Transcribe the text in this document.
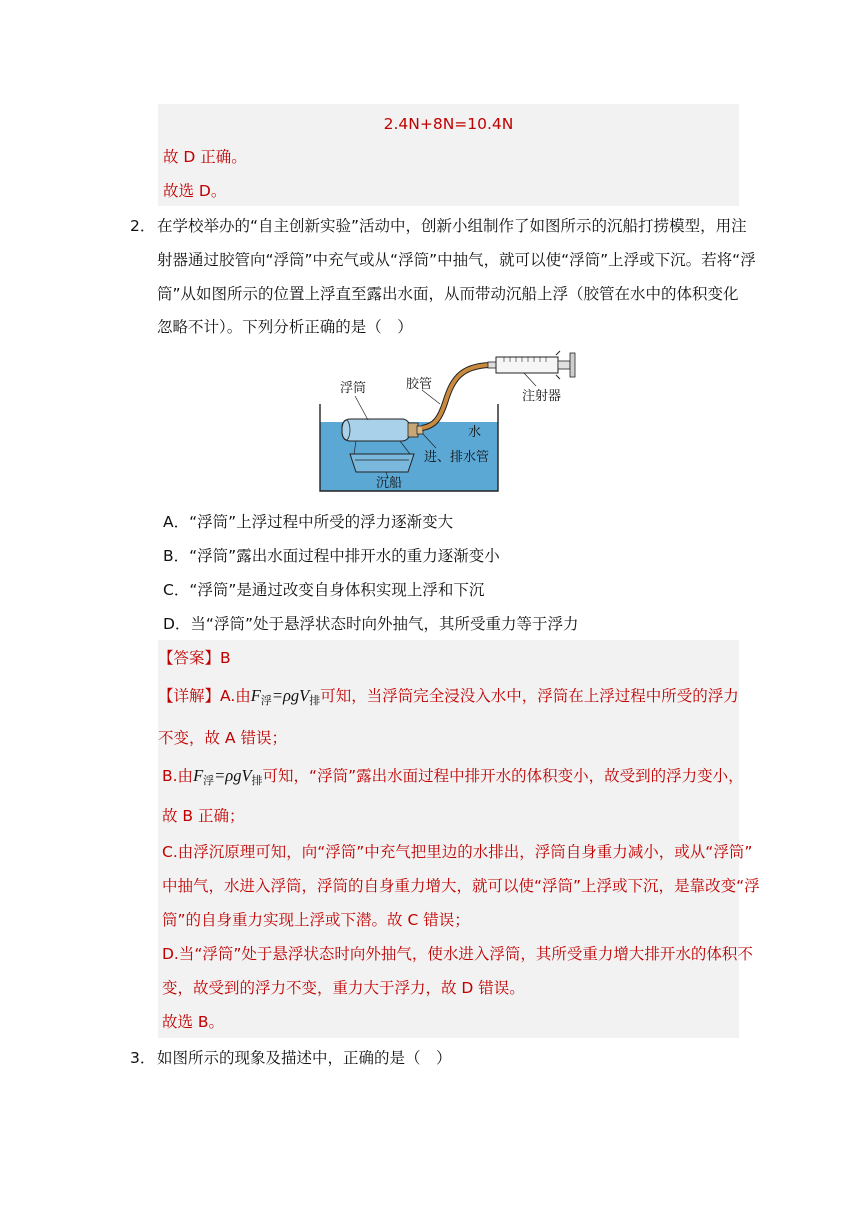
2.4N+8N=10.4N
故 D 正确。
故选 D。
2． 在学校举办的“自主创新实验”活动中，创新小组制作了如图所示的沉船打捞模型，用注
射器通过胶管向“浮筒”中充气或从“浮筒”中抽气，就可以使“浮筒”上浮或下沉。若将“浮
筒”从如图所示的位置上浮直至露出水面，从而带动沉船上浮（胶管在水中的体积变化
忽略不计）。下列分析正确的是（　）
浮筒	胶管
注射器
水
进、排水管
沉船
A．“浮筒”上浮过程中所受的浮力逐渐变大
B．“浮筒”露出水面过程中排开水的重力逐渐变小
C．“浮筒”是通过改变自身体积实现上浮和下沉
D．当“浮筒”处于悬浮状态时向外抽气，其所受重力等于浮力
【答案】B
【详解】A.由$F_浮=\rho gV_排$可知，当浮筒完全浸没入水中，浮筒在上浮过程中所受的浮力
不变，故 A 错误；
B.由$F_浮=\rho gV_排$可知，“浮筒”露出水面过程中排开水的体积变小，故受到的浮力变小，
故 B 正确；
C.由浮沉原理可知，向“浮筒”中充气把里边的水排出，浮筒自身重力减小，或从“浮筒”
中抽气，水进入浮筒，浮筒的自身重力增大，就可以使“浮筒”上浮或下沉，是靠改变“浮
筒”的自身重力实现上浮或下潜。故 C 错误；
D.当“浮筒”处于悬浮状态时向外抽气，使水进入浮筒，其所受重力增大排开水的体积不
变，故受到的浮力不变，重力大于浮力，故 D 错误。
故选 B。
3． 如图所示的现象及描述中，正确的是（　）
